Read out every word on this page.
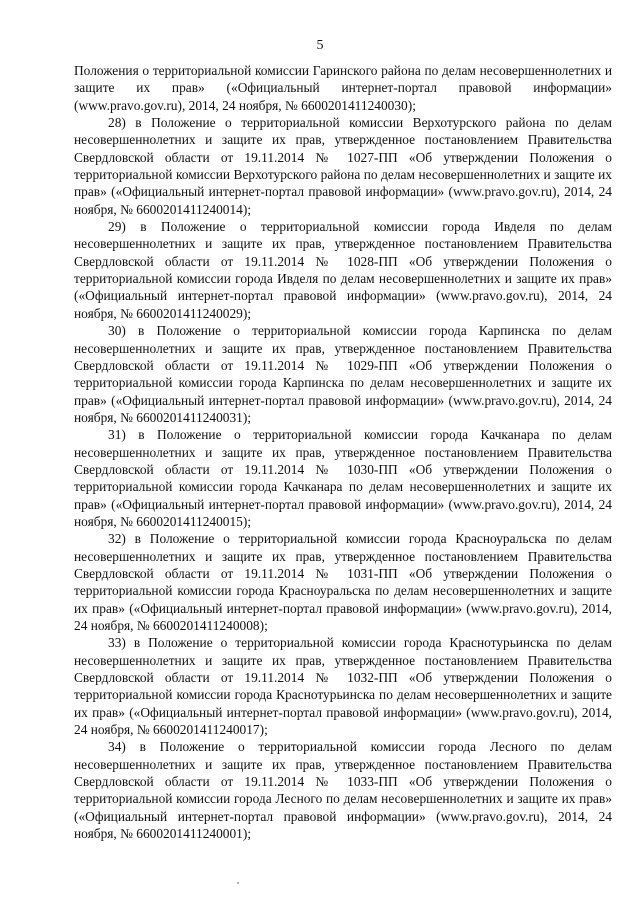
5

Положения о территориальной комиссии Гаринского района по делам несовершеннолетних и защите их прав» («Официальный интернет-портал правовой информации» (www.pravo.gov.ru), 2014, 24 ноября, № 6600201411240030);

28) в Положение о территориальной комиссии Верхотурского района по делам несовершеннолетних и защите их прав, утвержденное постановлением Правительства Свердловской области от 19.11.2014 № 1027-ПП «Об утверждении Положения о территориальной комиссии Верхотурского района по делам несовершеннолетних и защите их прав» («Официальный интернет-портал правовой информации» (www.pravo.gov.ru), 2014, 24 ноября, № 6600201411240014);

29) в Положение о территориальной комиссии города Ивделя по делам несовершеннолетних и защите их прав, утвержденное постановлением Правительства Свердловской области от 19.11.2014 № 1028-ПП «Об утверждении Положения о территориальной комиссии города Ивделя по делам несовершеннолетних и защите их прав» («Официальный интернет-портал правовой информации» (www.pravo.gov.ru), 2014, 24 ноября, № 6600201411240029);

30) в Положение о территориальной комиссии города Карпинска по делам несовершеннолетних и защите их прав, утвержденное постановлением Правительства Свердловской области от 19.11.2014 № 1029-ПП «Об утверждении Положения о территориальной комиссии города Карпинска по делам несовершеннолетних и защите их прав» («Официальный интернет-портал правовой информации» (www.pravo.gov.ru), 2014, 24 ноября, № 6600201411240031);

31) в Положение о территориальной комиссии города Качканара по делам несовершеннолетних и защите их прав, утвержденное постановлением Правительства Свердловской области от 19.11.2014 № 1030-ПП «Об утверждении Положения о территориальной комиссии города Качканара по делам несовершеннолетних и защите их прав» («Официальный интернет-портал правовой информации» (www.pravo.gov.ru), 2014, 24 ноября, № 6600201411240015);

32) в Положение о территориальной комиссии города Красноуральска по делам несовершеннолетних и защите их прав, утвержденное постановлением Правительства Свердловской области от 19.11.2014 № 1031-ПП «Об утверждении Положения о территориальной комиссии города Красноуральска по делам несовершеннолетних и защите их прав» («Официальный интернет-портал правовой информации» (www.pravo.gov.ru), 2014, 24 ноября, № 6600201411240008);

33) в Положение о территориальной комиссии города Краснотурьинска по делам несовершеннолетних и защите их прав, утвержденное постановлением Правительства Свердловской области от 19.11.2014 № 1032-ПП «Об утверждении Положения о территориальной комиссии города Краснотурьинска по делам несовершеннолетних и защите их прав» («Официальный интернет-портал правовой информации» (www.pravo.gov.ru), 2014, 24 ноября, № 6600201411240017);

34) в Положение о территориальной комиссии города Лесного по делам несовершеннолетних и защите их прав, утвержденное постановлением Правительства Свердловской области от 19.11.2014 № 1033-ПП «Об утверждении Положения о территориальной комиссии города Лесного по делам несовершеннолетних и защите их прав» («Официальный интернет-портал правовой информации» (www.pravo.gov.ru), 2014, 24 ноября, № 6600201411240001);
